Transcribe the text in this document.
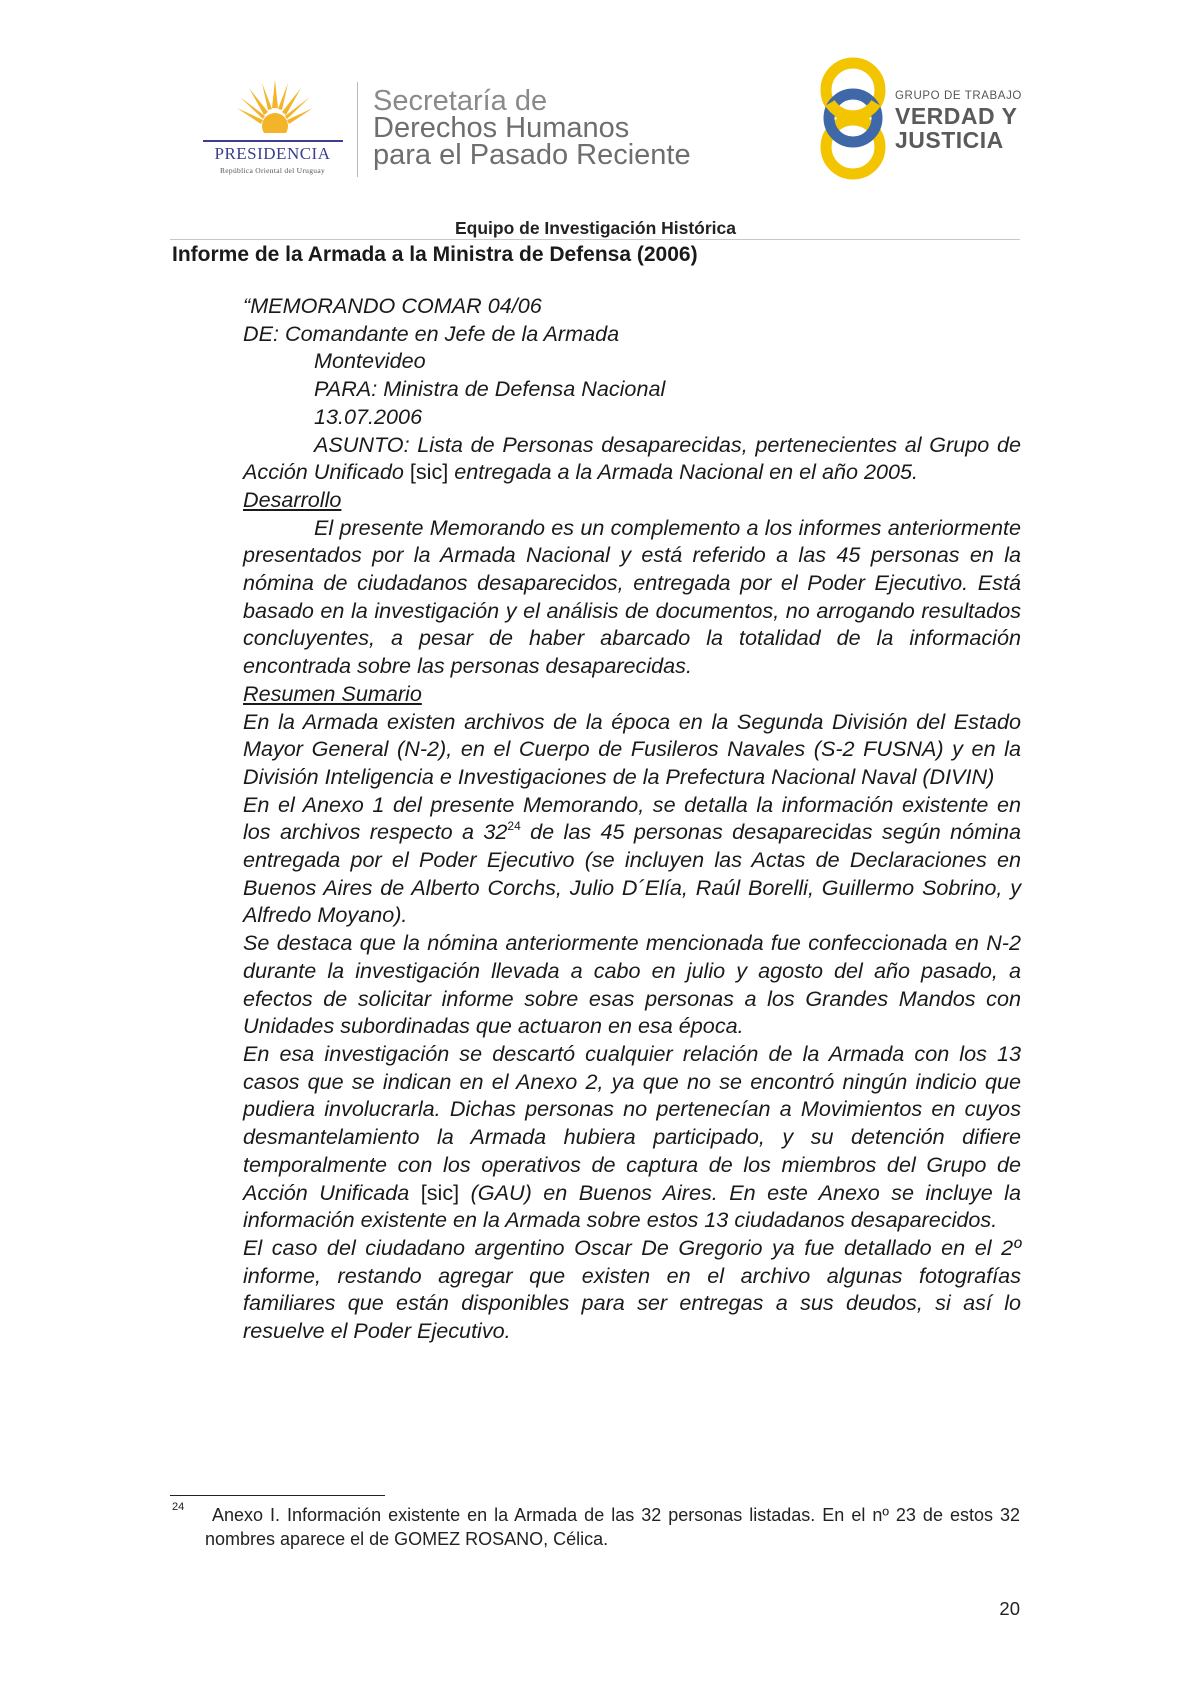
PRESIDENCIA
República Oriental del Uruguay
Secretaría de
Derechos Humanos
para el Pasado Reciente
GRUPO DE TRABAJO
VERDAD Y
JUSTICIA
Equipo de Investigación Histórica
Informe de la Armada a la Ministra de Defensa (2006)

“MEMORANDO COMAR 04/06

DE: Comandante en Jefe de la Armada

Montevideo

PARA: Ministra de Defensa Nacional

13.07.2006

ASUNTO: Lista de Personas desaparecidas, pertenecientes al Grupo de Acción Unificado [sic] entregada a la Armada Nacional en el año 2005.

Desarrollo

El presente Memorando es un complemento a los informes anteriormente presentados por la Armada Nacional y está referido a las 45 personas en la nómina de ciudadanos desaparecidos, entregada por el Poder Ejecutivo. Está basado en la investigación y el análisis de documentos, no arrogando resultados concluyentes, a pesar de haber abarcado la totalidad de la información encontrada sobre las personas desaparecidas.

Resumen Sumario

En la Armada existen archivos de la época en la Segunda División del Estado Mayor General (N-2), en el Cuerpo de Fusileros Navales (S-2 FUSNA) y en la División Inteligencia e Investigaciones de la Prefectura Nacional Naval (DIVIN)

En el Anexo 1 del presente Memorando, se detalla la información existente en los archivos respecto a $32^{24}$ de las 45 personas desaparecidas según nómina entregada por el Poder Ejecutivo (se incluyen las Actas de Declaraciones en Buenos Aires de Alberto Corchs, Julio D´Elía, Raúl Borelli, Guillermo Sobrino, y Alfredo Moyano).

Se destaca que la nómina anteriormente mencionada fue confeccionada en N-2 durante la investigación llevada a cabo en julio y agosto del año pasado, a efectos de solicitar informe sobre esas personas a los Grandes Mandos con Unidades subordinadas que actuaron en esa época.

En esa investigación se descartó cualquier relación de la Armada con los 13 casos que se indican en el Anexo 2, ya que no se encontró ningún indicio que pudiera involucrarla. Dichas personas no pertenecían a Movimientos en cuyos desmantelamiento la Armada hubiera participado, y su detención difiere temporalmente con los operativos de captura de los miembros del Grupo de Acción Unificada [sic] (GAU) en Buenos Aires. En este Anexo se incluye la información existente en la Armada sobre estos 13 ciudadanos desaparecidos.

El caso del ciudadano argentino Oscar De Gregorio ya fue detallado en el 2º informe, restando agregar que existen en el archivo algunas fotografías familiares que están disponibles para ser entregas a sus deudos, si así lo resuelve el Poder Ejecutivo.

24	Anexo I. Información existente en la Armada de las 32 personas listadas. En el nº 23 de estos 32 nombres aparece el de GOMEZ ROSANO, Célica.
20
